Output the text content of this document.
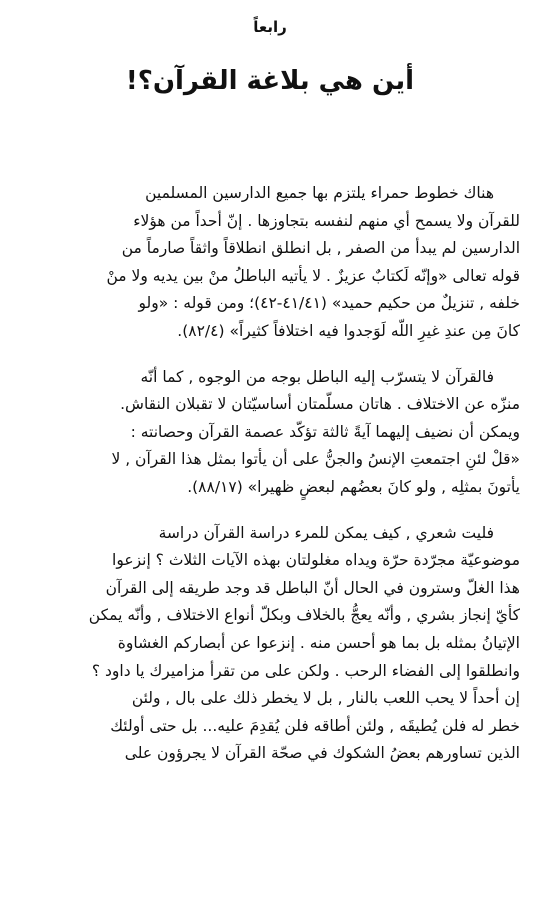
رابعاً
أين هي بلاغة القرآن؟!
هناك خطوط حمراء يلتزم بها جميع الدارسين المسلمين
للقرآن ولا يسمح أي منهم لنفسه بتجاوزها . إنّ أحداً من هؤلاء
الدارسين لم يبدأ من الصفر , بل انطلق انطلاقاً واثقاً صارماً من
قوله تعالى «وإنّه لَكتابٌ عزيزٌ . لا يأتيه الباطلُ منْ بين يديه ولا منْ
خلفه , تنزيلٌ من حكيم حميد» (٤١/٤١-٤٢)؛ ومن قوله : «ولو
كانَ مِن عندِ غيرِ اللّه لَوَجدوا فيه اختلافاً كثيراً» (٨٢/٤).
فالقرآن لا يتسرّب إليه الباطل بوجه من الوجوه , كما أنّه
منزّه عن الاختلاف . هاتان مسلّمتان أساسيّتان لا تقبلان النقاش.
ويمكن أن نضيف إليهما آيةً ثالثة تؤكّد عصمة القرآن وحصانته :
«قلْ لئنِ اجتمعتِ الإنسُ والجنُّ على أن يأتوا بمثل هذا القرآن , لا
يأتونَ بمثلِه , ولو كانَ بعضُهم لبعضٍ ظهيرا» (٨٨/١٧).
فليت شعري , كيف يمكن للمرء دراسة القرآن دراسة
موضوعيّة مجرّدة حرّة ويداه مغلولتان بهذه الآيات الثلاث ؟ إنزعوا
هذا الغلّ وسترون في الحال أنّ الباطل قد وجد طريقه إلى القرآن
كأيّ إنجاز بشري , وأنّه يعجُّ بالخلاف وبكلّ أنواع الاختلاف , وأنّه يمكن
الإتيانُ بمثله بل بما هو أحسن منه . إنزعوا عن أبصاركم الغشاوة
وانطلقوا إلى الفضاء الرحب . ولكن على من تقرأ مزاميرك يا داود ؟
إن أحداً لا يحب اللعب بالنار , بل لا يخطر ذلك على بال , ولئن
خطر له فلن يُطيقَه , ولئن أطاقه فلن يُقدِمَ عليه... بل حتى أولئك
الذين تساورهم بعضُ الشكوك في صحّة القرآن لا يجرؤون على
